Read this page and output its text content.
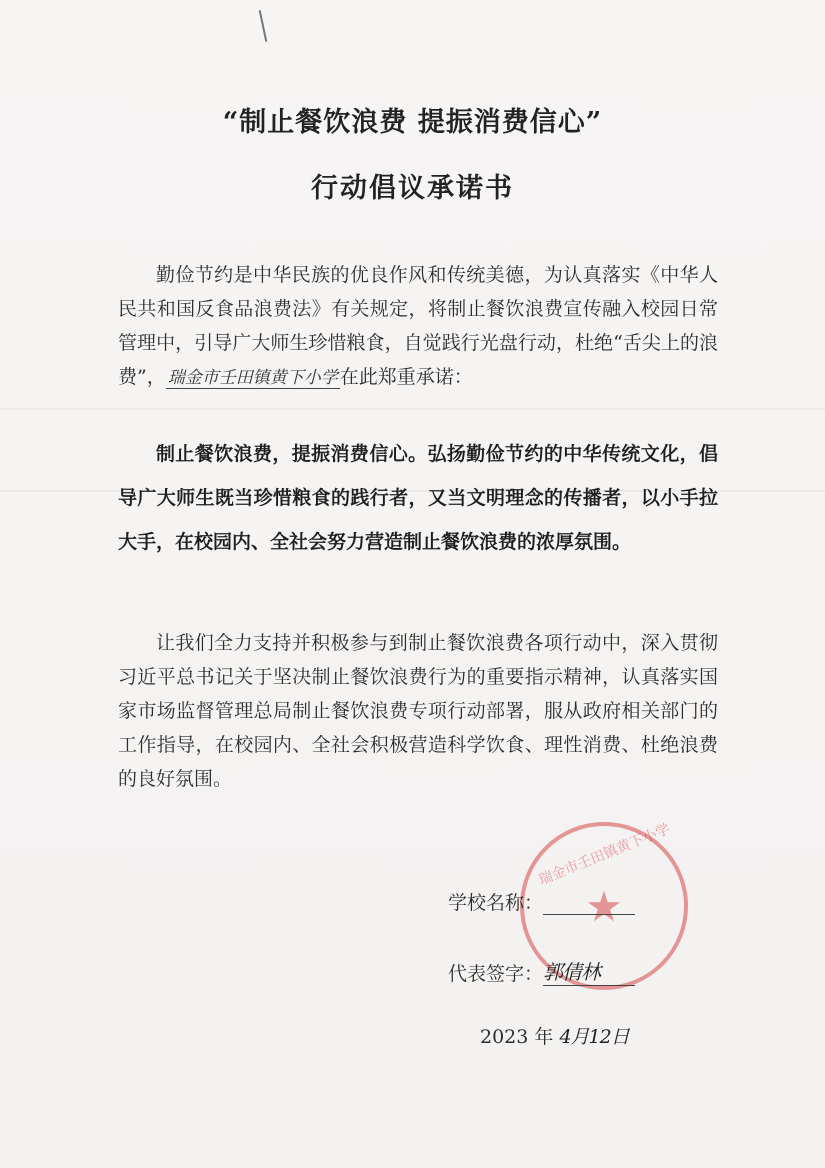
“制止餐饮浪费 提振消费信心”
行动倡议承诺书
勤俭节约是中华民族的优良作风和传统美德，为认真落实《中华人民共和国反食品浪费法》有关规定，将制止餐饮浪费宣传融入校园日常管理中，引导广大师生珍惜粮食，自觉践行光盘行动，杜绝“舌尖上的浪费”， 瑞金市壬田镇黄下小学 在此郑重承诺：
制止餐饮浪费，提振消费信心。弘扬勤俭节约的中华传统文化，倡导广大师生既当珍惜粮食的践行者，又当文明理念的传播者，以小手拉大手，在校园内、全社会努力营造制止餐饮浪费的浓厚氛围。
让我们全力支持并积极参与到制止餐饮浪费各项行动中，深入贯彻习近平总书记关于坚决制止餐饮浪费行为的重要指示精神，认真落实国家市场监督管理总局制止餐饮浪费专项行动部署，服从政府相关部门的工作指导，在校园内、全社会积极营造科学饮食、理性消费、杜绝浪费的良好氛围。
瑞金市壬田镇黄下小学
★
学校名称：
代表签字：郭倩林
2023 年 4月12日
